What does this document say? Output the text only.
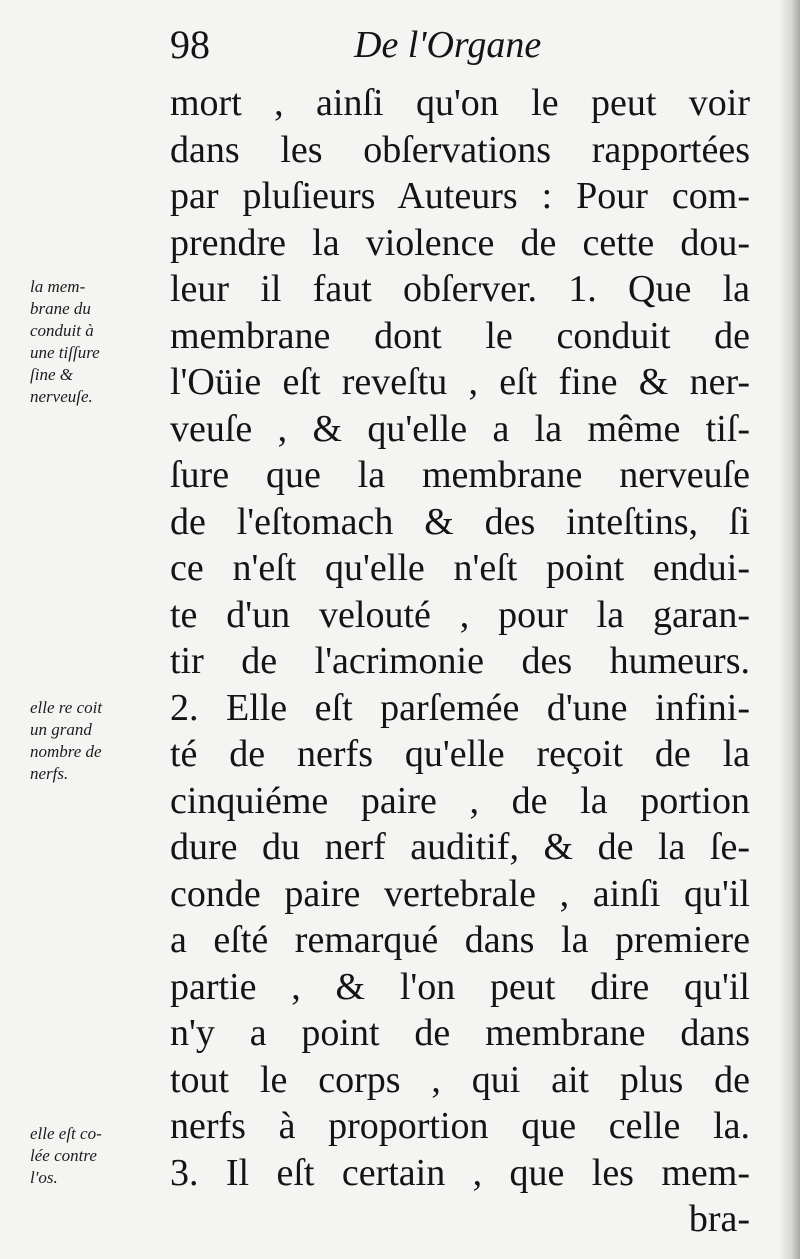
98	De l'Organe
la mem-
brane du
conduit à
une tiſſure
ſine &
nerveuſe.
elle re coit
un grand
nombre de
nerfs.
elle eſt co-
lée contre
l'os.
mort , ainſi qu'on le peut voir
dans les obſervations rapportées
par pluſieurs Auteurs : Pour com-
prendre la violence de cette dou-
leur il faut obſerver. 1. Que la
membrane dont le conduit de
l'Oüie eſt reveſtu , eſt fine & ner-
veuſe , & qu'elle a la même tiſ-
ſure que la membrane nerveuſe
de l'eſtomach & des inteſtins, ſi
ce n'eſt qu'elle n'eſt point endui-
te d'un velouté , pour la garan-
tir de l'acrimonie des humeurs.
2. Elle eſt parſemée d'une infini-
té de nerfs qu'elle reçoit de la
cinquiéme paire , de la portion
dure du nerf auditif, & de la ſe-
conde paire vertebrale , ainſi qu'il
a eſté remarqué dans la premiere
partie , & l'on peut dire qu'il
n'y a point de membrane dans
tout le corps , qui ait plus de
nerfs à proportion que celle la.
3. Il eſt certain , que les mem-
bra-
